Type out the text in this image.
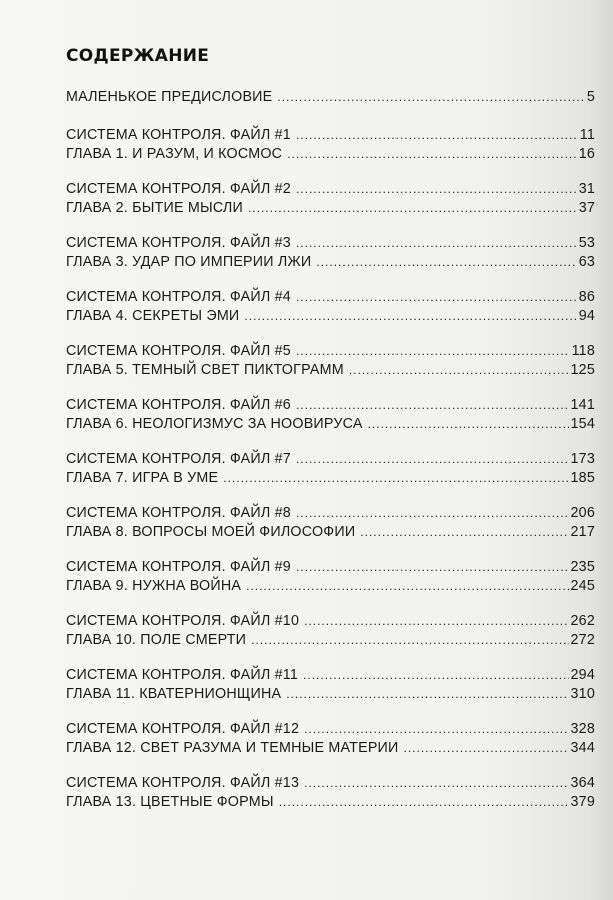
СОДЕРЖАНИЕ
МАЛЕНЬКОЕ ПРЕДИСЛОВИЕ .....	5
СИСТЕМА КОНТРОЛЯ. ФАЙЛ #1 .....	11
ГЛАВА 1. И РАЗУМ, И КОСМОС .....	16
СИСТЕМА КОНТРОЛЯ. ФАЙЛ #2 .....	31
ГЛАВА 2. БЫТИЕ МЫСЛИ .....	37
СИСТЕМА КОНТРОЛЯ. ФАЙЛ #3 .....	53
ГЛАВА 3. УДАР ПО ИМПЕРИИ ЛЖИ .....	63
СИСТЕМА КОНТРОЛЯ. ФАЙЛ #4 .....	86
ГЛАВА 4. СЕКРЕТЫ ЭМИ .....	94
СИСТЕМА КОНТРОЛЯ. ФАЙЛ #5 .....	118
ГЛАВА 5. ТЕМНЫЙ СВЕТ ПИКТОГРАММ .....	125
СИСТЕМА КОНТРОЛЯ. ФАЙЛ #6 .....	141
ГЛАВА 6. НЕОЛОГИЗМУС ЗА НООВИРУСА .....	154
СИСТЕМА КОНТРОЛЯ. ФАЙЛ #7 .....	173
ГЛАВА 7. ИГРА В УМЕ .....	185
СИСТЕМА КОНТРОЛЯ. ФАЙЛ #8 .....	206
ГЛАВА 8. ВОПРОСЫ МОЕЙ ФИЛОСОФИИ .....	217
СИСТЕМА КОНТРОЛЯ. ФАЙЛ #9 .....	235
ГЛАВА 9. НУЖНА ВОЙНА .....	245
СИСТЕМА КОНТРОЛЯ. ФАЙЛ #10 .....	262
ГЛАВА 10. ПОЛЕ СМЕРТИ .....	272
СИСТЕМА КОНТРОЛЯ. ФАЙЛ #11 .....	294
ГЛАВА 11. КВАТЕРНИОНЩИНА .....	310
СИСТЕМА КОНТРОЛЯ. ФАЙЛ #12 .....	328
ГЛАВА 12. СВЕТ РАЗУМА И ТЕМНЫЕ МАТЕРИИ .....	344
СИСТЕМА КОНТРОЛЯ. ФАЙЛ #13 .....	364
ГЛАВА 13. ЦВЕТНЫЕ ФОРМЫ .....	379
